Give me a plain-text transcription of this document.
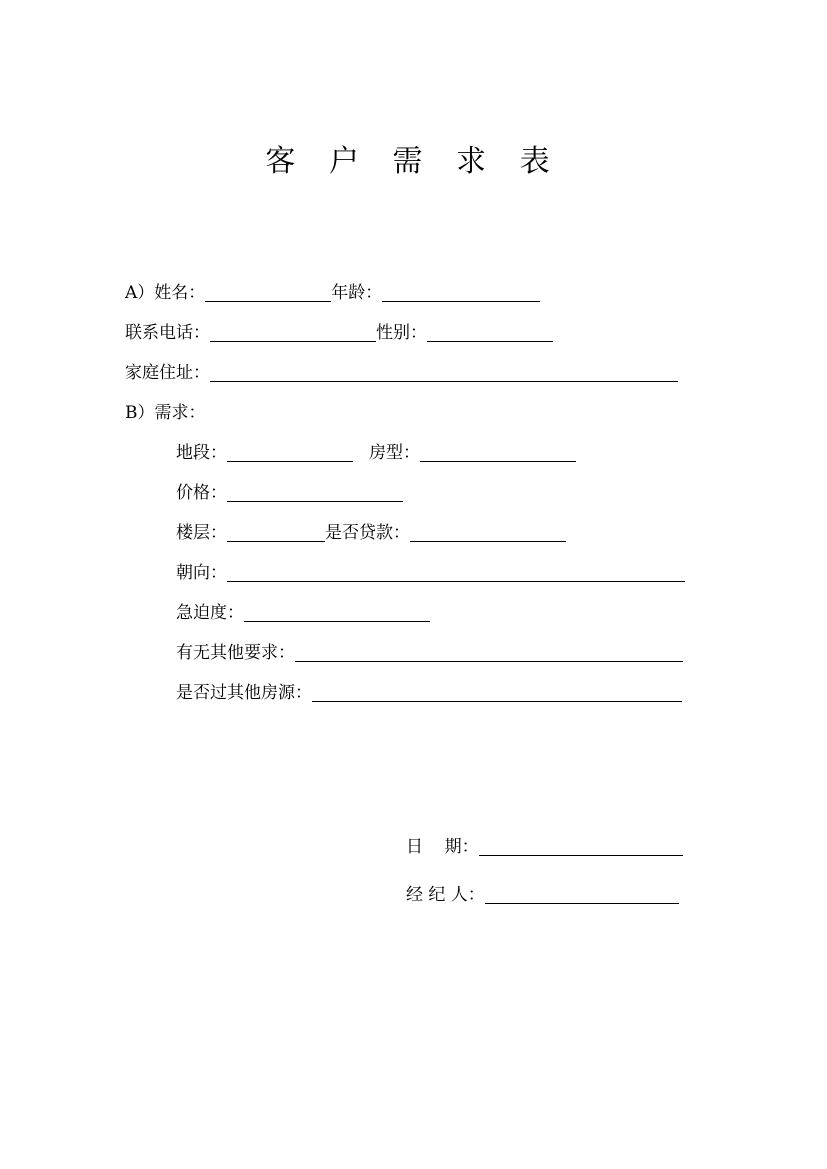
客 户 需 求 表
A）姓名：	年龄：
联系电话：	性别：
家庭住址：
B）需求：
地段：	房型：
价格：
楼层：	是否贷款：
朝向：
急迫度：
有无其他要求：
是否过其他房源：
日    期：
经 纪 人：
